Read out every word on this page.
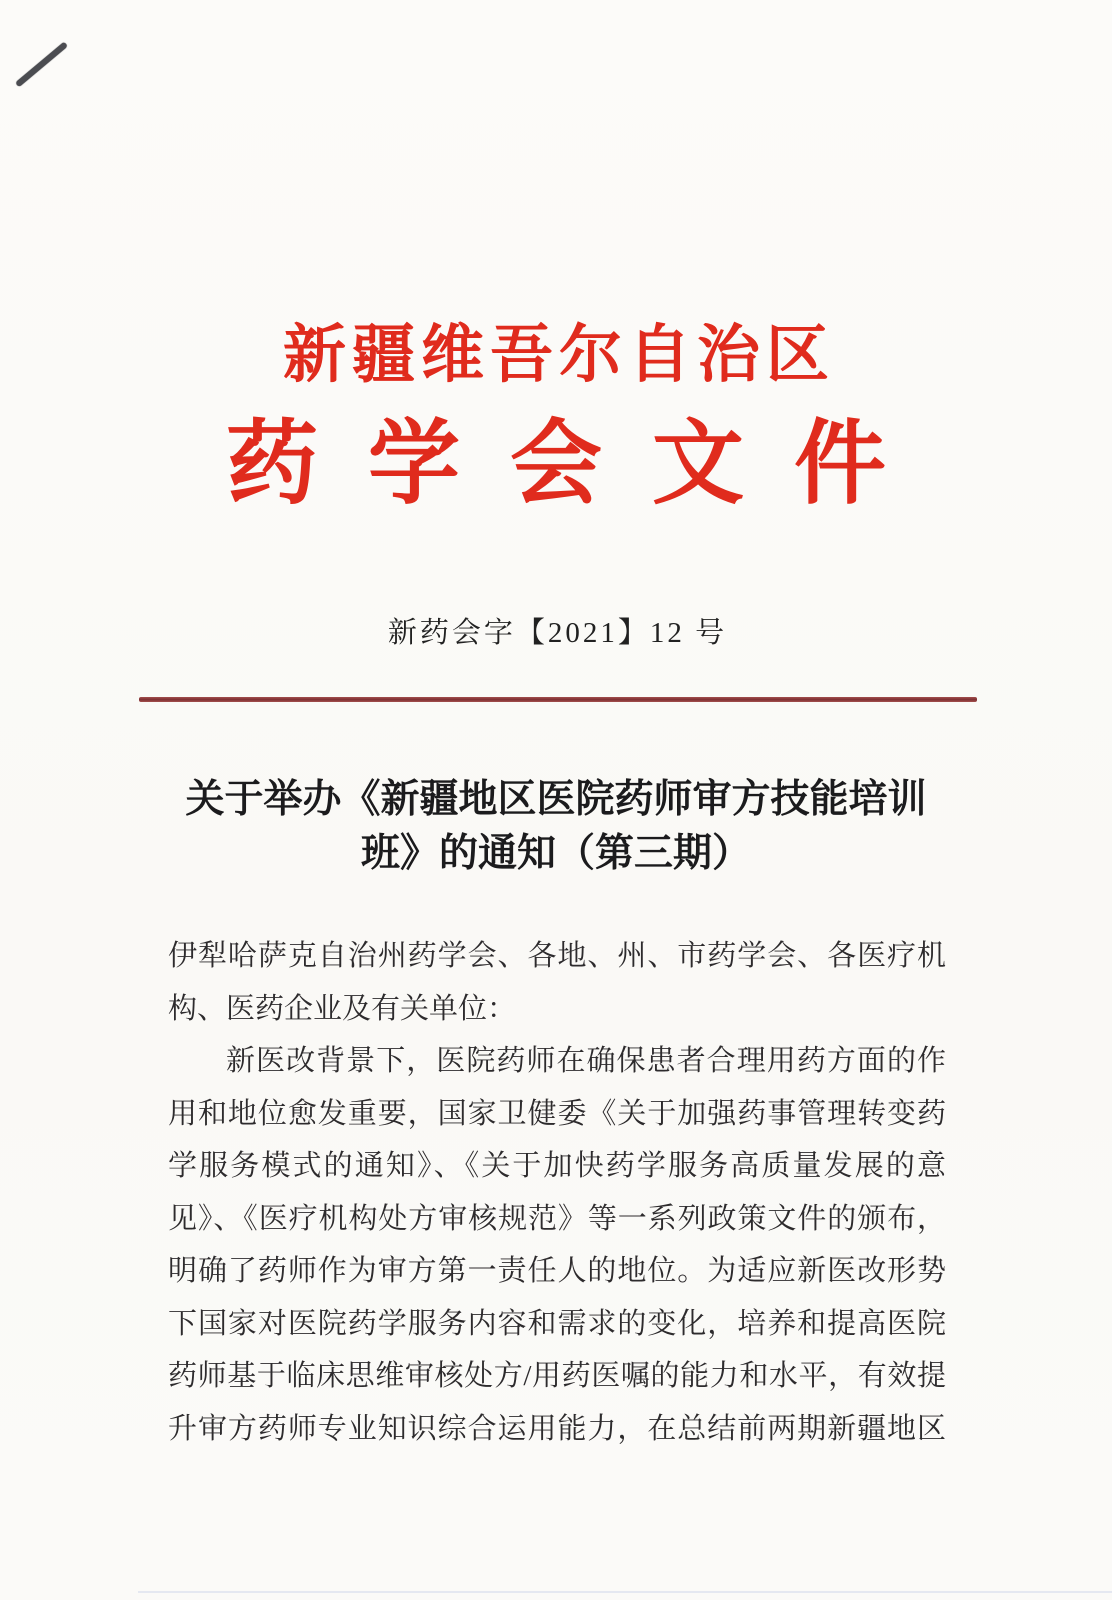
新疆维吾尔自治区
药学会文件
新药会字【2021】12 号
关于举办《新疆地区医院药师审方技能培训
班》的通知（第三期）
伊犁哈萨克自治州药学会、各地、州、市药学会、各医疗机
构、医药企业及有关单位：
新医改背景下，医院药师在确保患者合理用药方面的作
用和地位愈发重要，国家卫健委《关于加强药事管理转变药
学服务模式的通知》、《关于加快药学服务高质量发展的意
见》、《医疗机构处方审核规范》等一系列政策文件的颁布，
明确了药师作为审方第一责任人的地位。为适应新医改形势
下国家对医院药学服务内容和需求的变化，培养和提高医院
药师基于临床思维审核处方/用药医嘱的能力和水平，有效提
升审方药师专业知识综合运用能力，在总结前两期新疆地区
